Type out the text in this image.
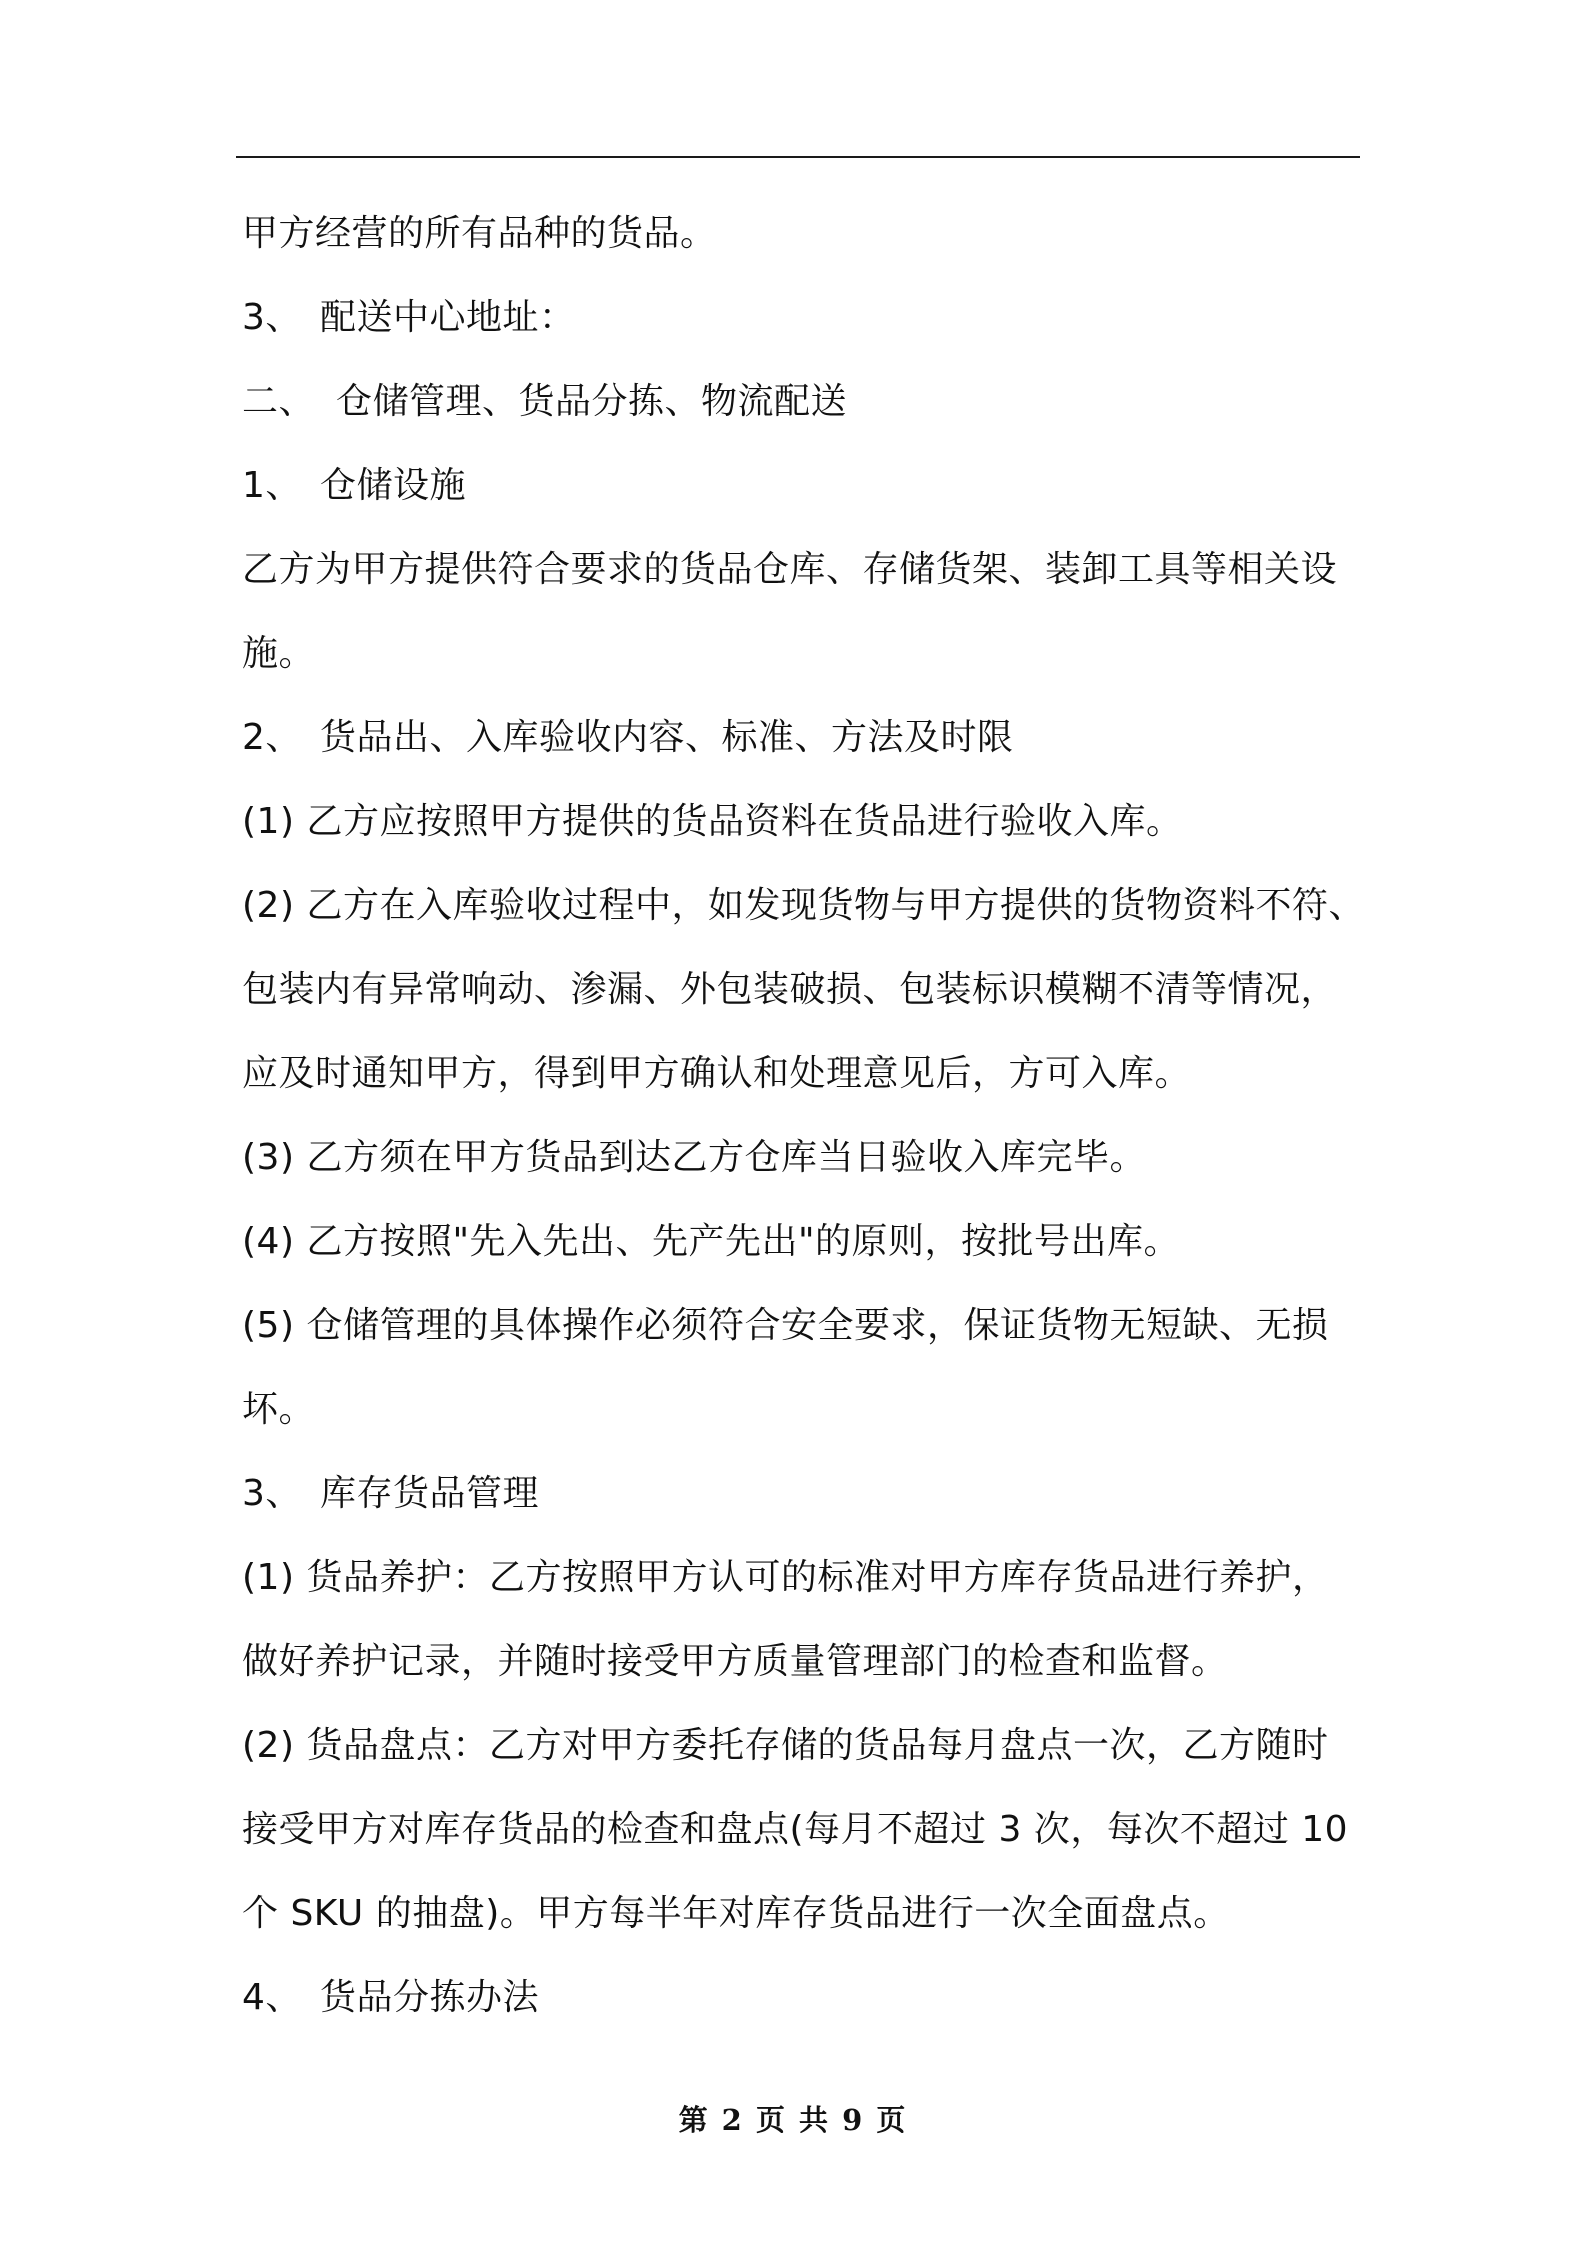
甲方经营的所有品种的货品。
3、 配送中心地址：
二、 仓储管理、货品分拣、物流配送
1、 仓储设施
乙方为甲方提供符合要求的货品仓库、存储货架、装卸工具等相关设
施。
2、 货品出、入库验收内容、标准、方法及时限
(1) 乙方应按照甲方提供的货品资料在货品进行验收入库。
(2) 乙方在入库验收过程中，如发现货物与甲方提供的货物资料不符、
包装内有异常响动、渗漏、外包装破损、包装标识模糊不清等情况，
应及时通知甲方，得到甲方确认和处理意见后，方可入库。
(3) 乙方须在甲方货品到达乙方仓库当日验收入库完毕。
(4) 乙方按照"先入先出、先产先出"的原则，按批号出库。
(5) 仓储管理的具体操作必须符合安全要求，保证货物无短缺、无损
坏。
3、 库存货品管理
(1) 货品养护：乙方按照甲方认可的标准对甲方库存货品进行养护，
做好养护记录，并随时接受甲方质量管理部门的检查和监督。
(2) 货品盘点：乙方对甲方委托存储的货品每月盘点一次，乙方随时
接受甲方对库存货品的检查和盘点(每月不超过 3 次，每次不超过 10
个 SKU 的抽盘)。甲方每半年对库存货品进行一次全面盘点。
4、 货品分拣办法
第 2 页 共 9 页
